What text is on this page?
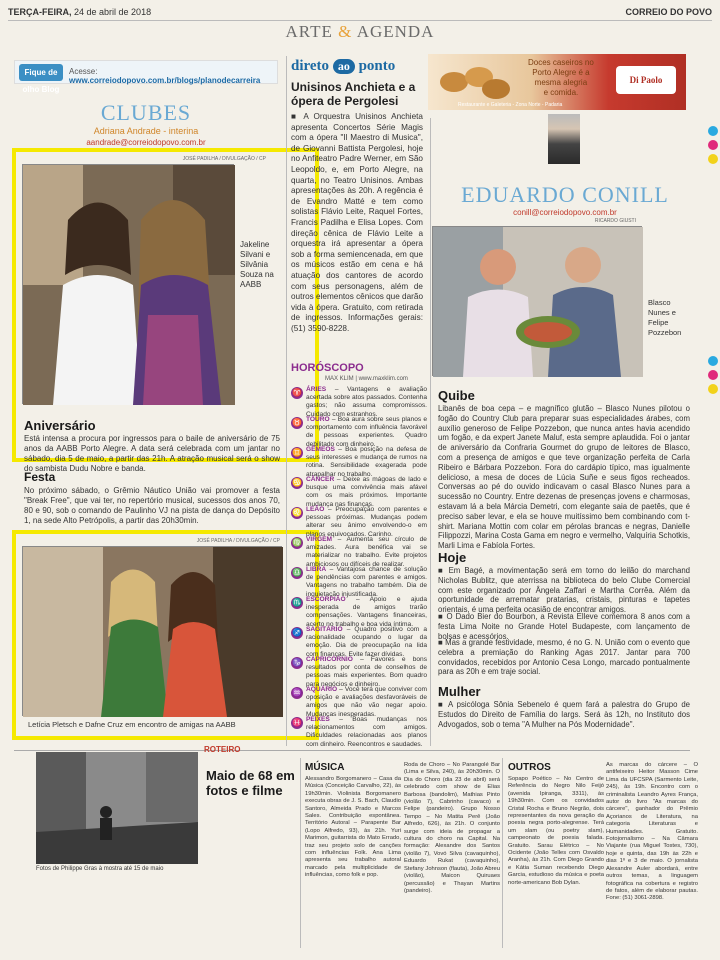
TERÇA-FEIRA, 24 de abril de 2018	CORREIO DO POVO
ARTE & AGENDA
Fique de olho Blog
Acesse: www.correiodopovo.com.br/blogs/planodecarreira
CLUBES
Adriana Andrade - interina
aandrade@correiodopovo.com.br
JOSÉ PADILHA / DIVULGAÇÃO / CP
Jakeline Silvani e Silvânia Souza na AABB
Aniversário
Está intensa a procura por ingressos para o baile de aniversário de 75 anos da AABB Porto Alegre. A data será celebrada com um jantar no sábado, dia 5 de maio, a partir das 21h. A atração musical será o show do sambista Dudu Nobre e banda.
Festa
No próximo sábado, o Grêmio Náutico União vai promover a festa "Break Free", que vai ter, no repertório musical, sucessos dos anos 70, 80 e 90, sob o comando de Paulinho VJ na pista de dança do Depósito 1, na sede Alto Petrópolis, a partir das 20h30min.
JOSÉ PADILHA / DIVULGAÇÃO / CP
Letícia Pletsch e Dafne Cruz em encontro de amigas na AABB
direto ao ponto
Unisinos Anchieta e a ópera de Pergolesi
■ A Orquestra Unisinos Anchieta apresenta Concertos Série Magis com a ópera "Il Maestro di Musica", de Giovanni Battista Pergolesi, hoje no Anfiteatro Padre Werner, em São Leopoldo, e, em Porto Alegre, na quarta, no Teatro Unisinos. Ambas apresentações às 20h. A regência é de Evandro Matté e tem como solistas Flávio Leite, Raquel Fortes, Francis Padilha e Elisa Lopes. Com direção cênica de Flávio Leite a orquestra irá apresentar a ópera sob a forma semiencenada, em que os músicos estão em cena e há atuação dos cantores de acordo com seus personagens, além de outros elementos cênicos que darão vida à ópera. Gratuito, com retirada de ingressos. Informações gerais: (51) 3590-8228.
HORÓSCOPO
MAX KLIM | www.maxklim.com
♈ ÁRIES – Vantagens e avaliação acertada sobre atos passados. Contenha gastos; não assuma compromissos. Cuidado com estranhos.
♉ TOURO – Boa aura sobre seus planos e comportamento com influência favorável de pessoas experientes. Quadro debilitado com dinheiro.
♊ GÊMEOS – Boa posição na defesa de seus interesses e mudança de rumos na rotina. Sensibilidade exagerada pode atrapalhar no trabalho.
♋ CÂNCER – Deixe as mágoas de lado e busque uma convivência mais afável com os mais próximos. Importante mudança nas finanças.
♌ LEÃO – Preocupação com parentes e pessoas próximas. Mudanças podem alterar seu ânimo envolvendo-o em planos equivocados. Carinho.
♍ VIRGEM – Aumenta seu círculo de amizades. Aura benéfica vai se materializar no trabalho. Evite projetos ambiciosos ou difíceis de realizar.
♎ LIBRA – Vantajosa chance de solução de pendências com parentes e amigos. Vantagens no trabalho também. Dia de inquietação injustificada.
♏ ESCORPIÃO – Apoio e ajuda inesperada de amigos trarão compensações. Vantagens financeiras, acerto no trabalho e boa vida íntima.
♐ SAGITÁRIO – Quadro positivo com a racionalidade ocupando o lugar da emoção. Dia de preocupação na lida com finanças. Evite fazer dívidas.
♑ CAPRICÓRNIO – Favores e bons resultados por conta de conselhos de pessoas mais experientes. Bom quadro para negócios e dinheiro.
♒ AQUÁRIO – Você terá que conviver com oposição e avaliações desfavoráveis de amigos que não vão negar apoio. Mudanças inesperadas.
♓ PEIXES – Boas mudanças nos relacionamentos com amigos. Dificuldades relacionadas aos planos com dinheiro. Reencontros e saudades.
Doces caseiros no
Porto Alegre é a
mesma alegria
e comida.
Di Paolo
Restaurante e Galeteria - Zona Norte - Padaria
EDUARDO CONILL
conill@correiodopovo.com.br
RICARDO GIUSTI
Blasco Nunes e Felipe Pozzebon
Quibe
Libanês de boa cepa – e magnífico glutão – Blasco Nunes pilotou o fogão do Country Club para preparar suas especialidades árabes, com auxílio generoso de Felipe Pozzebon, que nunca antes havia acendido um fogão, e da expert Janete Maluf, esta sempre aplaudida. Foi o jantar de aniversário da Confraria Gourmet do grupo de leitores de Blasco, com a presença de amigos e que teve organização perfeita de Carla Ribeiro e Bárbara Pozzebon. Fora do cardápio típico, mas igualmente delicioso, a mesa de doces de Lúcia Suñe e seus figos recheados. Conversas ao pé do ouvido indicavam o casal Blasco Nunes para a sucessão no Country. Entre dezenas de presenças jovens e charmosas, estavam lá a bela Márcia Demetri, com elegante saia de paetês, que é preciso saber levar, e ela se houve muitíssimo bem combinando com t-shirt. Mariana Mottin com colar em pérolas brancas e negras, Danielle Filippozzi, Marina Costa Gama em negro e vermelho, Valquíria Schotkis, Marli Lima e Fabíola Fortes.
Hoje
■ Em Bagé, a movimentação será em torno do leilão do marchand Nicholas Bublitz, que aterrissa na biblioteca do belo Clube Comercial com este organizado por Ângela Zaffari e Martha Corrêa. Além da oportunidade de arrematar pratarias, cristais, pinturas e tapetes orientais, é uma perfeita ocasião de encontrar amigos.
■ O Dado Bier do Bourbon, a Revista Elleve comemora 8 anos com a festa Lima Noite no Grande Hotel Budapeste, com lançamento de bolsas e acessórios.
■ Mas a grande festividade, mesmo, é no G. N. União com o evento que celebra a premiação do Ranking Agas 2017. Jantar para 700 convidados, recebidos por Antonio Cesa Longo, marcado pontualmente para as 20h e em traje social.
Mulher
■ A psicóloga Sônia Sebenelo é quem fará a palestra do Grupo de Estudos do Direito de Família do Iargs. Será às 12h, no Instituto dos Advogados, sob o tema "A Mulher na Pós Modernidade".
ROTEIRO
Fotos de Philippe Gras à mostra até 15 de maio
Maio de 68 em fotos e filme
MÚSICA
Alessandro Borgomanero – Casa da Música (Conceição Carvalho, 22), às 19h30min. Violinista Borgomanero executa obras de J. S. Bach, Claudio Santoro, Almeida Prado e Marcos Sales. Contribuição espontânea. Território Autoral – Parapente Bar (Lopo Alfredo, 93), às 21h. Yuri Marimon, guitarrista do Mato Errado, traz seu projeto solo de canções com influências Folk. Ana Lima apresenta seu trabalho autoral marcado pela multiplicidade de influências, como folk e pop.
Roda de Choro – No Parangolé Bar (Lima e Silva, 240), às 20h30min. O Dia do Choro (dia 23 de abril) será celebrado com show de Elias Barbosa (bandolim), Mathias Pinto (violão 7), Cabrinho (cavaco) e Felipe (pandeiro). Grupo Nosso Tempo – No Matita Perê (João Alfredo, 626), às 21h. O conjunto surge com ideia de propagar a cultura do choro na Capital. Na formação: Alexandre dos Santos (violão 7), Vovó Silva (cavaquinho), Eduardo Rukat (cavaquinho), Stefany Johnson (flauta), João Abreu (violão), Maicon Quiruaes (percussão) e Thayan Martins (pandeiro).
OUTROS
Sopapo Poético – No Centro de Referência do Negro Nilo Feijó (avenida Ipiranga, 3311), às 19h30min. Com os convidados Cristal Rocha e Bruno Negrão, dois representantes da nova geração da poesia negra porto-alegrense. Terá um slam (ou poetry slam), campeonato de poesia falada. Gratuito. Sarau Elétrico – No Ocidente (João Telles com Osvaldo Aranha), às 21h. Com Diego Grando e Kátia Suman recebendo Diego Garcia, estudioso da música e poeta norte-americano Bob Dylan.
As marcas do cárcere – O antifeixeiro Heitor Masson Cime Lima da UFCSPA (Sarmento Leite, 245), às 19h. Encontro com o criminalista Leandro Ayres França, autor do livro "As marcas do cárcere", ganhador do Prêmio Açorianos de Literatura, na categoria Literaturas e Humanidades. Gratuito. Fotojornalismo – Na Câmara Viajante (rua Miguel Tostes, 730), hoje e quinta, das 19h às 22h e dias 1º e 3 de maio. O jornalista Alexandre Auler abordará, entre outros temas, a linguagem fotográfica na cobertura e registro de fatos, além de elaborar pautas. Fone: (51) 3061-2898.
